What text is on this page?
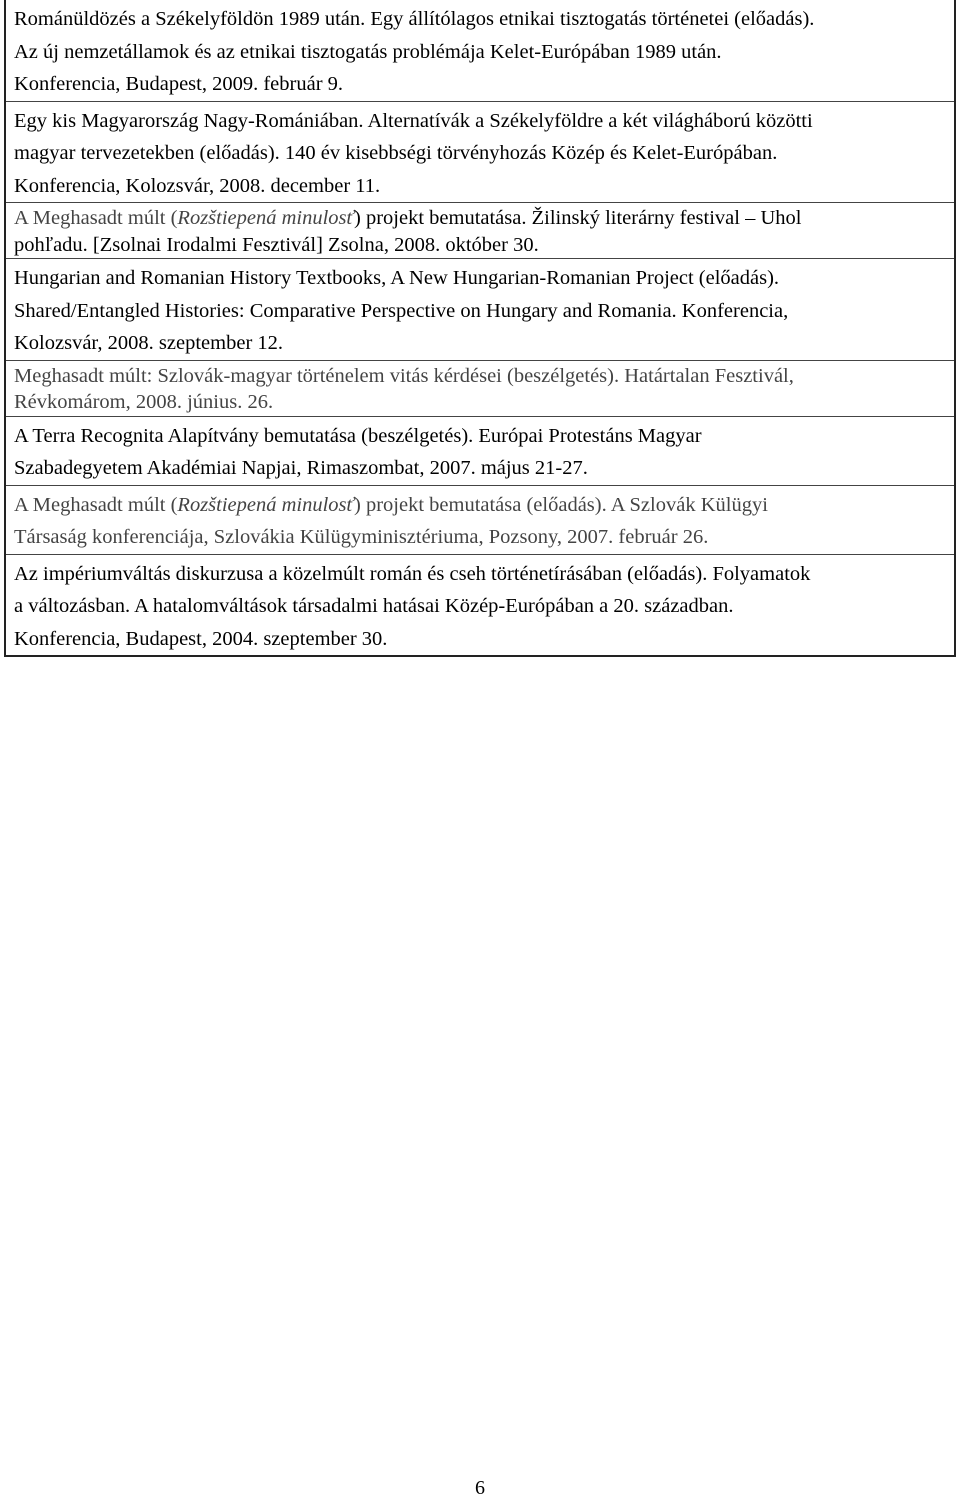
Románüldözés a Székelyföldön 1989 után. Egy állítólagos etnikai tisztogatás történetei (előadás).
Az új nemzetállamok és az etnikai tisztogatás problémája Kelet-Európában 1989 után.
Konferencia, Budapest, 2009. február 9.
Egy kis Magyarország Nagy-Romániában. Alternatívák a Székelyföldre a két világháború közötti
magyar tervezetekben (előadás). 140 év kisebbségi törvényhozás Közép és Kelet-Európában.
Konferencia, Kolozsvár, 2008. december 11.
A Meghasadt múlt (Rozštiepená minulosť) projekt bemutatása. Žilinský literárny festival – Uhol
pohľadu. [Zsolnai Irodalmi Fesztivál] Zsolna, 2008. október 30.
Hungarian and Romanian History Textbooks, A New Hungarian-Romanian Project (előadás).
Shared/Entangled Histories: Comparative Perspective on Hungary and Romania. Konferencia,
Kolozsvár, 2008. szeptember 12.
Meghasadt múlt: Szlovák-magyar történelem vitás kérdései (beszélgetés). Határtalan Fesztivál,
Révkomárom, 2008. június. 26.
A Terra Recognita Alapítvány bemutatása (beszélgetés). Európai Protestáns Magyar
Szabadegyetem Akadémiai Napjai, Rimaszombat, 2007. május 21-27.
A Meghasadt múlt (Rozštiepená minulosť) projekt bemutatása (előadás). A Szlovák Külügyi
Társaság konferenciája, Szlovákia Külügyminisztériuma, Pozsony, 2007. február 26.
Az impériumváltás diskurzusa a közelmúlt román és cseh történetírásában (előadás). Folyamatok
a változásban. A hatalomváltások társadalmi hatásai Közép-Európában a 20. században.
Konferencia, Budapest, 2004. szeptember 30.
6
